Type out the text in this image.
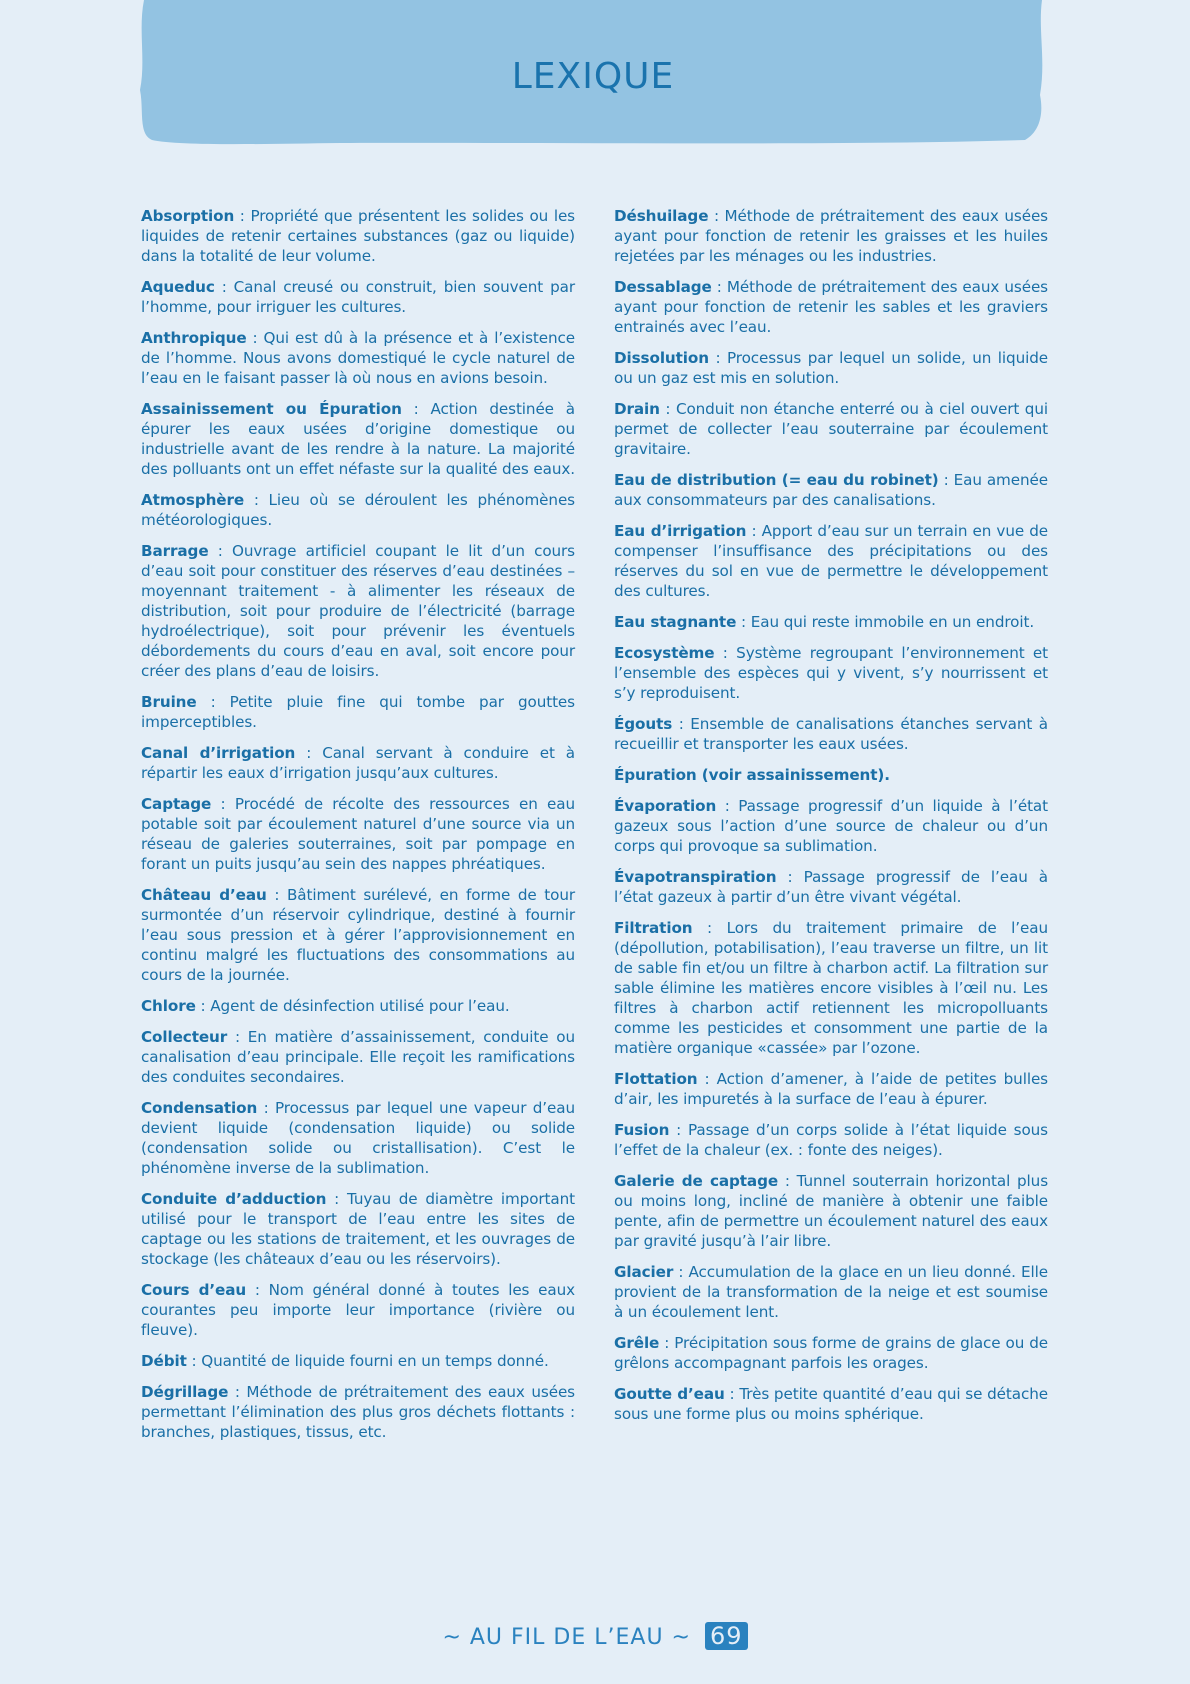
LEXIQUE

Absorption : Propriété que présentent les solides ou les liquides de retenir certaines substances (gaz ou liquide) dans la totalité de leur volume.

Aqueduc : Canal creusé ou construit, bien souvent par l’homme, pour irriguer les cultures.

Anthropique : Qui est dû à la présence et à l’existence de l’homme. Nous avons domestiqué le cycle naturel de l’eau en le faisant passer là où nous en avions besoin.

Assainissement ou Épuration : Action destinée à épurer les eaux usées d’origine domestique ou industrielle avant de les rendre à la nature. La majorité des polluants ont un effet néfaste sur la qualité des eaux.

Atmosphère : Lieu où se déroulent les phénomènes météorologiques.

Barrage : Ouvrage artificiel coupant le lit d’un cours d’eau soit pour constituer des réserves d’eau destinées – moyennant traitement - à alimenter les réseaux de distribution, soit pour produire de l’électricité (barrage hydroélectrique), soit pour prévenir les éventuels débordements du cours d’eau en aval, soit encore pour créer des plans d’eau de loisirs.

Bruine : Petite pluie fine qui tombe par gouttes imperceptibles.

Canal d’irrigation : Canal servant à conduire et à répartir les eaux d’irrigation jusqu’aux cultures.

Captage : Procédé de récolte des ressources en eau potable soit par écoulement naturel d’une source via un réseau de galeries souterraines, soit par pompage en forant un puits jusqu’au sein des nappes phréatiques.

Château d’eau : Bâtiment surélevé, en forme de tour surmontée d’un réservoir cylindrique, destiné à fournir l’eau sous pression et à gérer l’approvisionnement en continu malgré les fluctuations des consommations au cours de la journée.

Chlore : Agent de désinfection utilisé pour l’eau.

Collecteur : En matière d’assainissement, conduite ou canalisation d’eau principale. Elle reçoit les ramifications des conduites secondaires.

Condensation : Processus par lequel une vapeur d’eau devient liquide (condensation liquide) ou solide (condensation solide ou cristallisation). C’est le phénomène inverse de la sublimation.

Conduite d’adduction : Tuyau de diamètre important utilisé pour le transport de l’eau entre les sites de captage ou les stations de traitement, et les ouvrages de stockage (les châteaux d’eau ou les réservoirs).

Cours d’eau : Nom général donné à toutes les eaux courantes peu importe leur importance (rivière ou fleuve).

Débit : Quantité de liquide fourni en un temps donné.

Dégrillage : Méthode de prétraitement des eaux usées permettant l’élimination des plus gros déchets flottants : branches, plastiques, tissus, etc.

Déshuilage : Méthode de prétraitement des eaux usées ayant pour fonction de retenir les graisses et les huiles rejetées par les ménages ou les industries.

Dessablage : Méthode de prétraitement des eaux usées ayant pour fonction de retenir les sables et les graviers entrainés avec l’eau.

Dissolution : Processus par lequel un solide, un liquide ou un gaz est mis en solution.

Drain : Conduit non étanche enterré ou à ciel ouvert qui permet de collecter l’eau souterraine par écoulement gravitaire.

Eau de distribution (= eau du robinet) : Eau amenée aux consommateurs par des canalisations.

Eau d’irrigation : Apport d’eau sur un terrain en vue de compenser l’insuffisance des précipitations ou des réserves du sol en vue de permettre le développement des cultures.

Eau stagnante : Eau qui reste immobile en un endroit.

Ecosystème : Système regroupant l’environnement et l’ensemble des espèces qui y vivent, s’y nourrissent et s’y reproduisent.

Égouts : Ensemble de canalisations étanches servant à recueillir et transporter les eaux usées.

Épuration (voir assainissement).

Évaporation : Passage progressif d’un liquide à l’état gazeux sous l’action d’une source de chaleur ou d’un corps qui provoque sa sublimation.

Évapotranspiration : Passage progressif de l’eau à l’état gazeux à partir d’un être vivant végétal.

Filtration : Lors du traitement primaire de l’eau (dépollution, potabilisation), l’eau traverse un filtre, un lit de sable fin et/ou un filtre à charbon actif. La filtration sur sable élimine les matières encore visibles à l’œil nu. Les filtres à charbon actif retiennent les micropolluants comme les pesticides et consomment une partie de la matière organique «cassée» par l’ozone.

Flottation : Action d’amener, à l’aide de petites bulles d’air, les impuretés à la surface de l’eau à épurer.

Fusion : Passage d’un corps solide à l’état liquide sous l’effet de la chaleur (ex. : fonte des neiges).

Galerie de captage : Tunnel souterrain horizontal plus ou moins long, incliné de manière à obtenir une faible pente, afin de permettre un écoulement naturel des eaux par gravité jusqu’à l’air libre.

Glacier : Accumulation de la glace en un lieu donné. Elle provient de la transformation de la neige et est soumise à un écoulement lent.

Grêle : Précipitation sous forme de grains de glace ou de grêlons accompagnant parfois les orages.

Goutte d’eau : Très petite quantité d’eau qui se détache sous une forme plus ou moins sphérique.

~ AU FIL DE L’EAU ~ 69
